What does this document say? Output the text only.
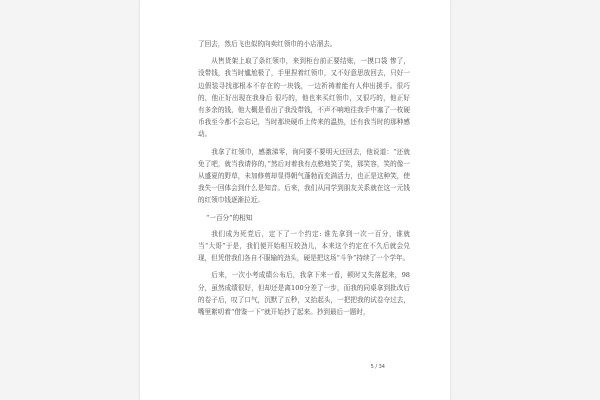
了回去，然后飞也似的向卖红领巾的小店溜去。

从售货架上取了条红领巾，来到柜台前正要结账，一摸口袋 惨了，没带钱，我当时尴尬极了，手里捏着红领巾，又不好意思放回去，只好一边假装寻找那根本不存在的一块钱，一边祈祷着能有人伸出援手。很巧的，他正好出现在我身后 很巧的，他也来买红领巾，又很巧的，他正好有多余的钱，他大概是看出了我没带钱，不声不响地往我手中塞了一枚硬币我至今都不会忘记，当时那块硬币上传来的温热，还有我当时的那种感动。

我拿了红领巾，感激涕零，询问要不要明天还回去，他说道：“还就免了吧，就当我请你的，”然后对着我有点憨地笑了笑，那笑容，笑的像一从盛夏的野草，未加修剪却显得朝气蓬勃而充满活力，也正是这种笑，使我失一回体会到什么是知音。后来，我们从同学到朋友关系就在这一元钱的红领巾钱逐渐拉近。

“一百分”的相知

我们成为死党后，定下了一个约定: 谁先拿到一次一百分，谁就当“大哥”于是，我们便开始相互较劲儿，本来这个约定在不久后就会兑现，但凭借我们各自不服输的劲头，硬是把这场“斗争”持续了一个学年。

后来，一次小考成绩公布后，我拿下来一看，顿时又失落起来，98分，虽然成绩很好，但却还是离100分差了一步，而我的同桌拿到批改后的卷子后，叹了口气，沉默了五秒，又抬起头，一把把我的试卷夺过去，嘴里絮叨着“借鉴一下”就开始抄了起来。抄到最后一题时，

5 / 34
